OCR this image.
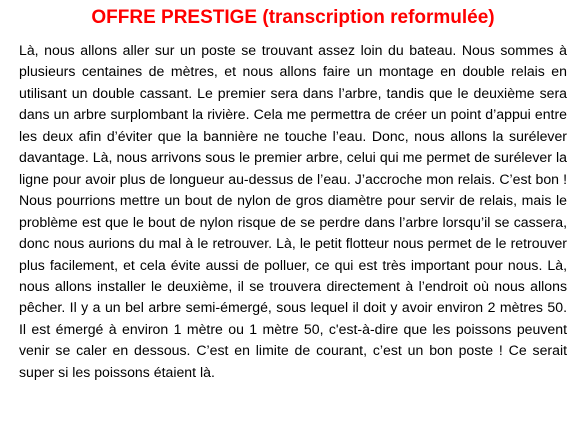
OFFRE PRESTIGE (transcription reformulée)

Là, nous allons aller sur un poste se trouvant assez loin du bateau. Nous sommes à plusieurs centaines de mètres, et nous allons faire un montage en double relais en utilisant un double cassant. Le premier sera dans l’arbre, tandis que le deuxième sera dans un arbre surplombant la rivière. Cela me permettra de créer un point d’appui entre les deux afin d’éviter que la bannière ne touche l’eau. Donc, nous allons la surélever davantage. Là, nous arrivons sous le premier arbre, celui qui me permet de surélever la ligne pour avoir plus de longueur au-dessus de l’eau. J’accroche mon relais. C’est bon ! Nous pourrions mettre un bout de nylon de gros diamètre pour servir de relais, mais le problème est que le bout de nylon risque de se perdre dans l’arbre lorsqu’il se cassera, donc nous aurions du mal à le retrouver. Là, le petit flotteur nous permet de le retrouver plus facilement, et cela évite aussi de polluer, ce qui est très important pour nous. Là, nous allons installer le deuxième, il se trouvera directement à l’endroit où nous allons pêcher. Il y a un bel arbre semi-émergé, sous lequel il doit y avoir environ 2 mètres 50. Il est émergé à environ 1 mètre ou 1 mètre 50, c'est-à-dire que les poissons peuvent venir se caler en dessous. C’est en limite de courant, c’est un bon poste ! Ce serait super si les poissons étaient là.
